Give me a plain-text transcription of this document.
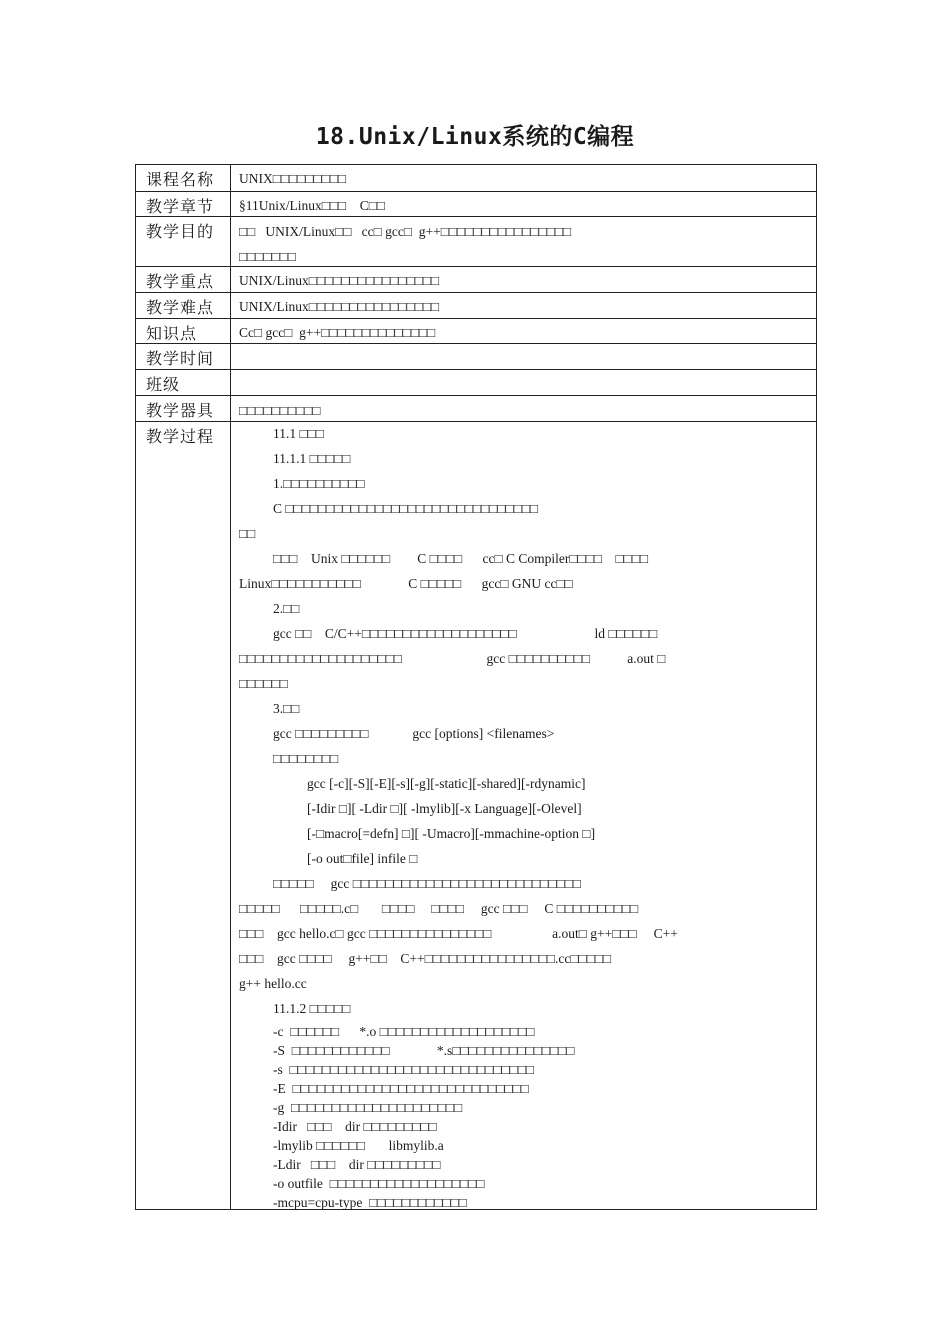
18.Unix/Linux系统的C编程
课程名称 UNIX□□□□□□□□□
教学章节 §11Unix/Linux□□□    C□□
教学目的 □□   UNIX/Linux□□   cc□ gcc□  g++□□□□□□□□□□□□□□□□
□□□□□□□
教学重点 UNIX/Linux□□□□□□□□□□□□□□□□
教学难点 UNIX/Linux□□□□□□□□□□□□□□□□
知识点	Cc□ gcc□  g++□□□□□□□□□□□□□□
教学时间
班级
教学器具 □□□□□□□□□□
教学过程	11.1 □□□
11.1.1 □□□□□
1.□□□□□□□□□□
C □□□□□□□□□□□□□□□□□□□□□□□□□□□□□□□
□□
□□□    Unix □□□□□□        C □□□□      cc□ C Compiler□□□□    □□□□
Linux□□□□□□□□□□□              C □□□□□      gcc□ GNU cc□□
2.□□
gcc □□    C/C++□□□□□□□□□□□□□□□□□□□                       ld □□□□□□
□□□□□□□□□□□□□□□□□□□□                         gcc □□□□□□□□□□           a.out □
□□□□□□
3.□□
gcc □□□□□□□□□             gcc [options] <filenames>
□□□□□□□□
gcc [-c][-S][-E][-s][-g][-static][-shared][-rdynamic]
[-Idir □][ -Ldir □][ -lmylib][-x Language][-Olevel]
[-□macro[=defn] □][ -Umacro][-mmachine-option □]
[-o out□file] infile □
□□□□□     gcc □□□□□□□□□□□□□□□□□□□□□□□□□□□□
□□□□□      □□□□□.c□       □□□□     □□□□     gcc □□□     C □□□□□□□□□□
□□□    gcc hello.c□ gcc □□□□□□□□□□□□□□□                  a.out□ g++□□□     C++
□□□    gcc □□□□     g++□□    C++□□□□□□□□□□□□□□□□.cc□□□□□
g++ hello.cc
11.1.2 □□□□□
-c  □□□□□□      *.o □□□□□□□□□□□□□□□□□□□
-S  □□□□□□□□□□□□              *.s□□□□□□□□□□□□□□□
-s  □□□□□□□□□□□□□□□□□□□□□□□□□□□□□□
-E  □□□□□□□□□□□□□□□□□□□□□□□□□□□□□
-g  □□□□□□□□□□□□□□□□□□□□□
-Idir   □□□    dir □□□□□□□□□
-lmylib □□□□□□       libmylib.a
-Ldir   □□□    dir □□□□□□□□□
-o outfile  □□□□□□□□□□□□□□□□□□□
-mcpu=cpu-type  □□□□□□□□□□□□
